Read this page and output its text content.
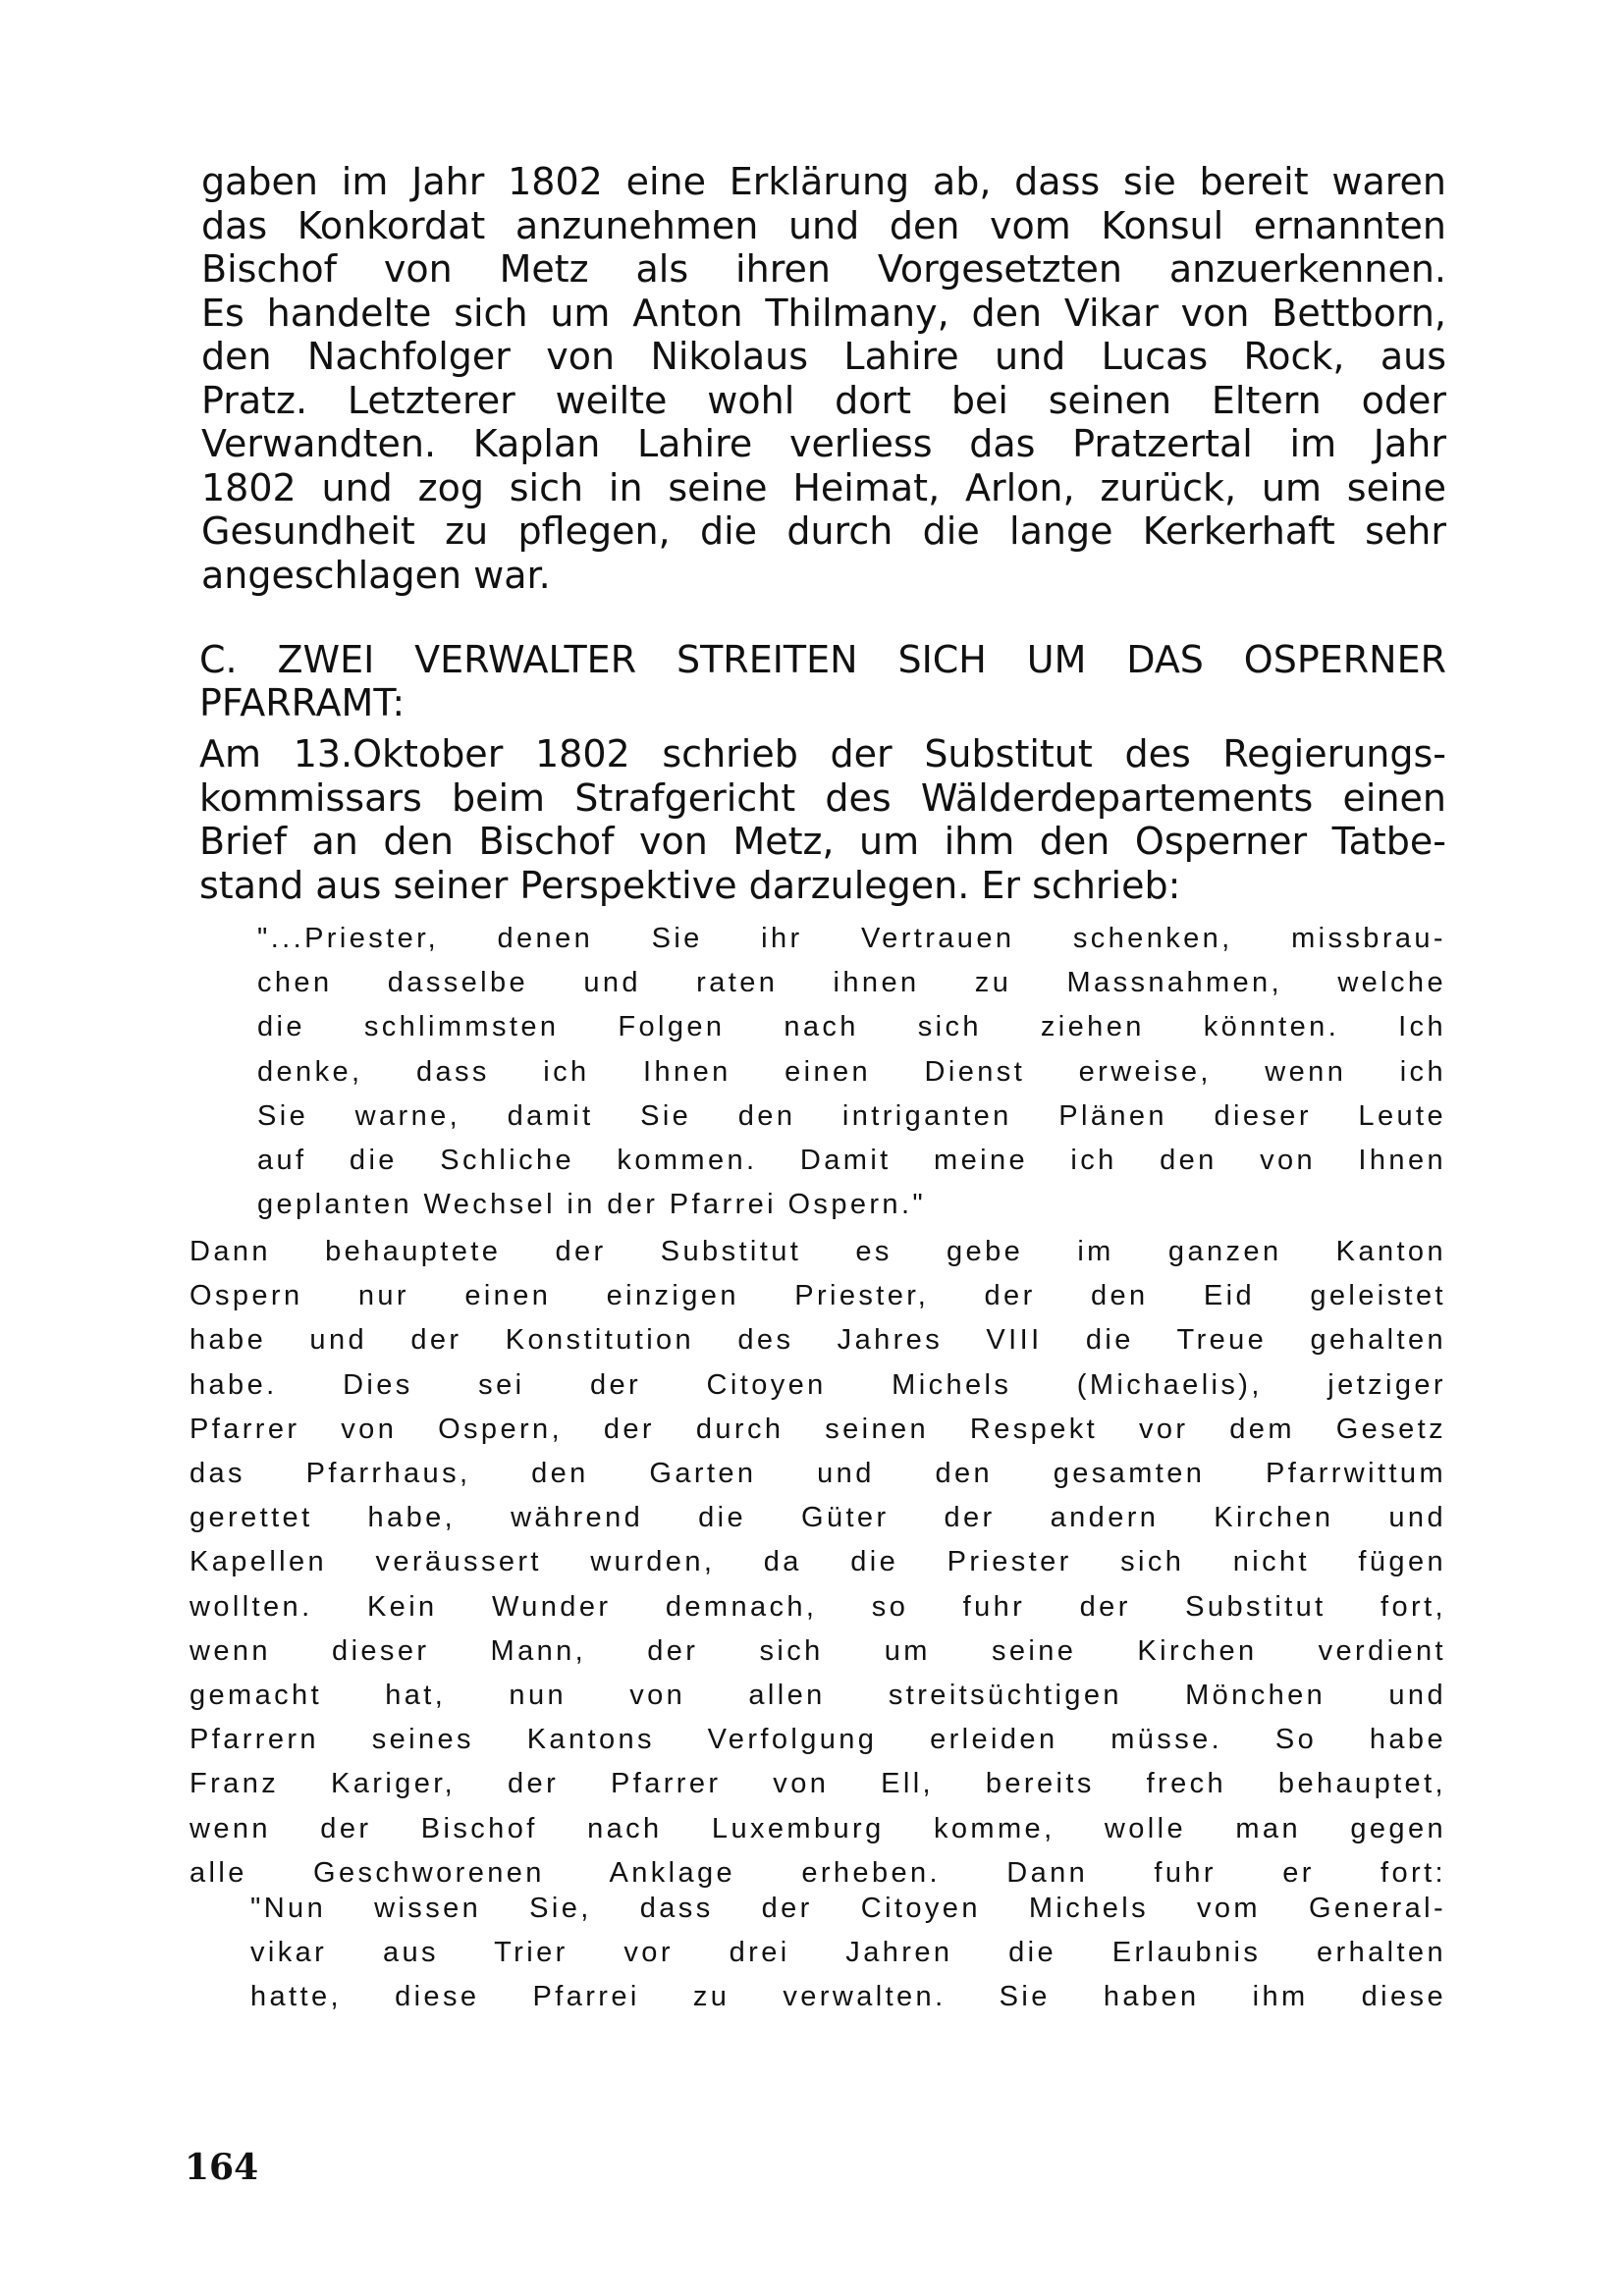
gaben im Jahr 1802 eine Erklärung ab, dass sie bereit waren
das Konkordat anzunehmen und den vom Konsul ernannten
Bischof von Metz als ihren Vorgesetzten anzuerkennen.
Es handelte sich um Anton Thilmany, den Vikar von Bettborn,
den Nachfolger von Nikolaus Lahire und Lucas Rock, aus
Pratz. Letzterer weilte wohl dort bei seinen Eltern oder
Verwandten. Kaplan Lahire verliess das Pratzertal im Jahr
1802 und zog sich in seine Heimat, Arlon, zurück, um seine
Gesundheit zu pflegen, die durch die lange Kerkerhaft sehr
angeschlagen war.
C. ZWEI VERWALTER STREITEN SICH UM DAS OSPERNER
PFARRAMT:
Am 13.Oktober 1802 schrieb der Substitut des Regierungs-
kommissars beim Strafgericht des Wälderdepartements einen
Brief an den Bischof von Metz, um ihm den Osperner Tatbe-
stand aus seiner Perspektive darzulegen. Er schrieb:
"...Priester, denen Sie ihr Vertrauen schenken, missbrau-
chen dasselbe und raten ihnen zu Massnahmen, welche
die schlimmsten Folgen nach sich ziehen könnten. Ich
denke, dass ich Ihnen einen Dienst erweise, wenn ich
Sie warne, damit Sie den intriganten Plänen dieser Leute
auf die Schliche kommen. Damit meine ich den von Ihnen
geplanten Wechsel in der Pfarrei Ospern."
Dann behauptete der Substitut es gebe im ganzen Kanton
Ospern nur einen einzigen Priester, der den Eid geleistet
habe und der Konstitution des Jahres VIII die Treue gehalten
habe. Dies sei der Citoyen Michels (Michaelis), jetziger
Pfarrer von Ospern, der durch seinen Respekt vor dem Gesetz
das Pfarrhaus, den Garten und den gesamten Pfarrwittum
gerettet habe, während die Güter der andern Kirchen und
Kapellen veräussert wurden, da die Priester sich nicht fügen
wollten. Kein Wunder demnach, so fuhr der Substitut fort,
wenn dieser Mann, der sich um seine Kirchen verdient
gemacht hat, nun von allen streitsüchtigen Mönchen und
Pfarrern seines Kantons Verfolgung erleiden müsse. So habe
Franz Kariger, der Pfarrer von Ell, bereits frech behauptet,
wenn der Bischof nach Luxemburg komme, wolle man gegen
alle Geschworenen Anklage erheben. Dann fuhr er fort:
"Nun wissen Sie, dass der Citoyen Michels vom General-
vikar aus Trier vor drei Jahren die Erlaubnis erhalten
hatte, diese Pfarrei zu verwalten. Sie haben ihm diese
164
